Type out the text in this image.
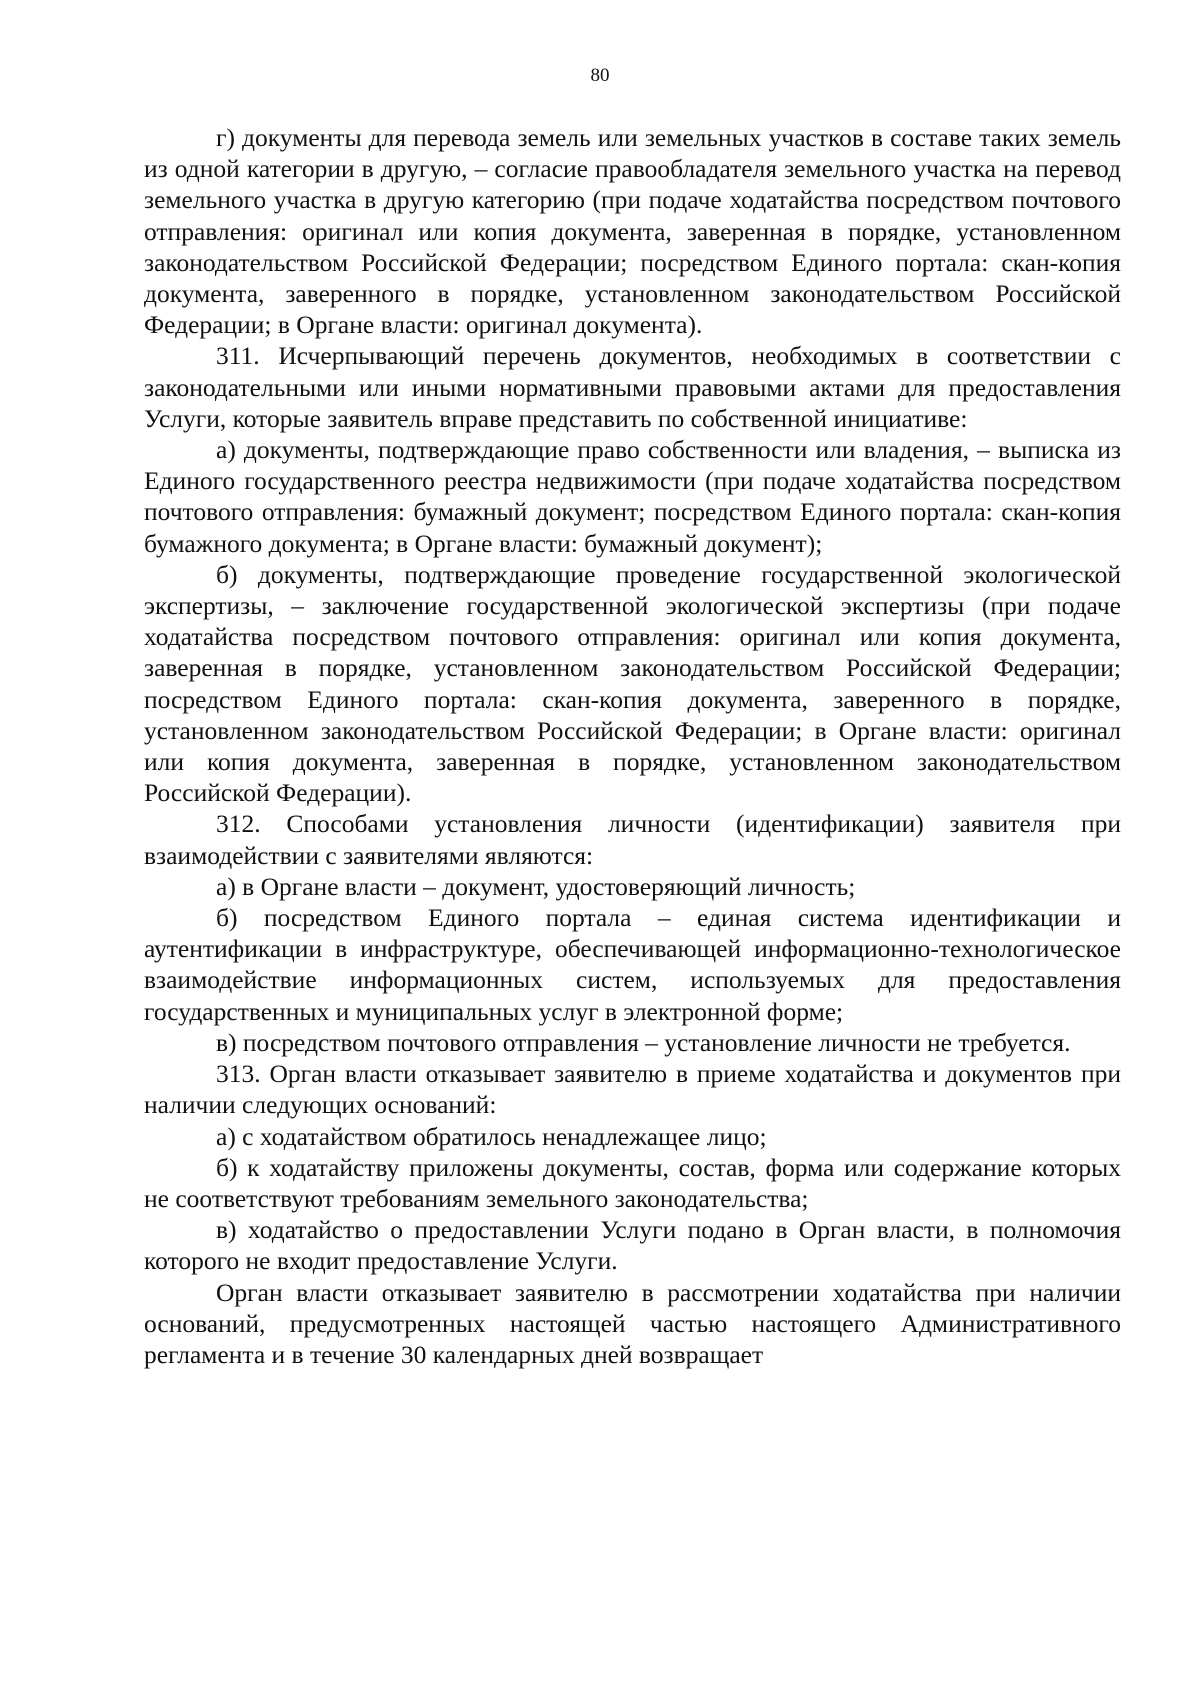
80

г) документы для перевода земель или земельных участков в составе таких земель из одной категории в другую, – согласие правообладателя земельного участка на перевод земельного участка в другую категорию (при подаче ходатайства посредством почтового отправления: оригинал или копия документа, заверенная в порядке, установленном законодательством Российской Федерации; посредством Единого портала: скан-копия документа, заверенного в порядке, установленном законодательством Российской Федерации; в Органе власти: оригинал документа).

311. Исчерпывающий перечень документов, необходимых в соответствии с законодательными или иными нормативными правовыми актами для предоставления Услуги, которые заявитель вправе представить по собственной инициативе:

а) документы, подтверждающие право собственности или владения, – выписка из Единого государственного реестра недвижимости (при подаче ходатайства посредством почтового отправления: бумажный документ; посредством Единого портала: скан-копия бумажного документа; в Органе власти: бумажный документ);

б) документы, подтверждающие проведение государственной экологической экспертизы, – заключение государственной экологической экспертизы (при подаче ходатайства посредством почтового отправления: оригинал или копия документа, заверенная в порядке, установленном законодательством Российской Федерации; посредством Единого портала: скан-копия документа, заверенного в порядке, установленном законодательством Российской Федерации; в Органе власти: оригинал или копия документа, заверенная в порядке, установленном законодательством Российской Федерации).

312. Способами установления личности (идентификации) заявителя при взаимодействии с заявителями являются:

а) в Органе власти – документ, удостоверяющий личность;

б) посредством Единого портала – единая система идентификации и аутентификации в инфраструктуре, обеспечивающей информационно-технологическое взаимодействие информационных систем, используемых для предоставления государственных и муниципальных услуг в электронной форме;

в) посредством почтового отправления – установление личности не требуется.

313. Орган власти отказывает заявителю в приеме ходатайства и документов при наличии следующих оснований:

а) с ходатайством обратилось ненадлежащее лицо;

б) к ходатайству приложены документы, состав, форма или содержание которых не соответствуют требованиям земельного законодательства;

в) ходатайство о предоставлении Услуги подано в Орган власти, в полномочия которого не входит предоставление Услуги.

Орган власти отказывает заявителю в рассмотрении ходатайства при наличии оснований, предусмотренных настоящей частью настоящего Административного регламента и в течение 30 календарных дней возвращает
